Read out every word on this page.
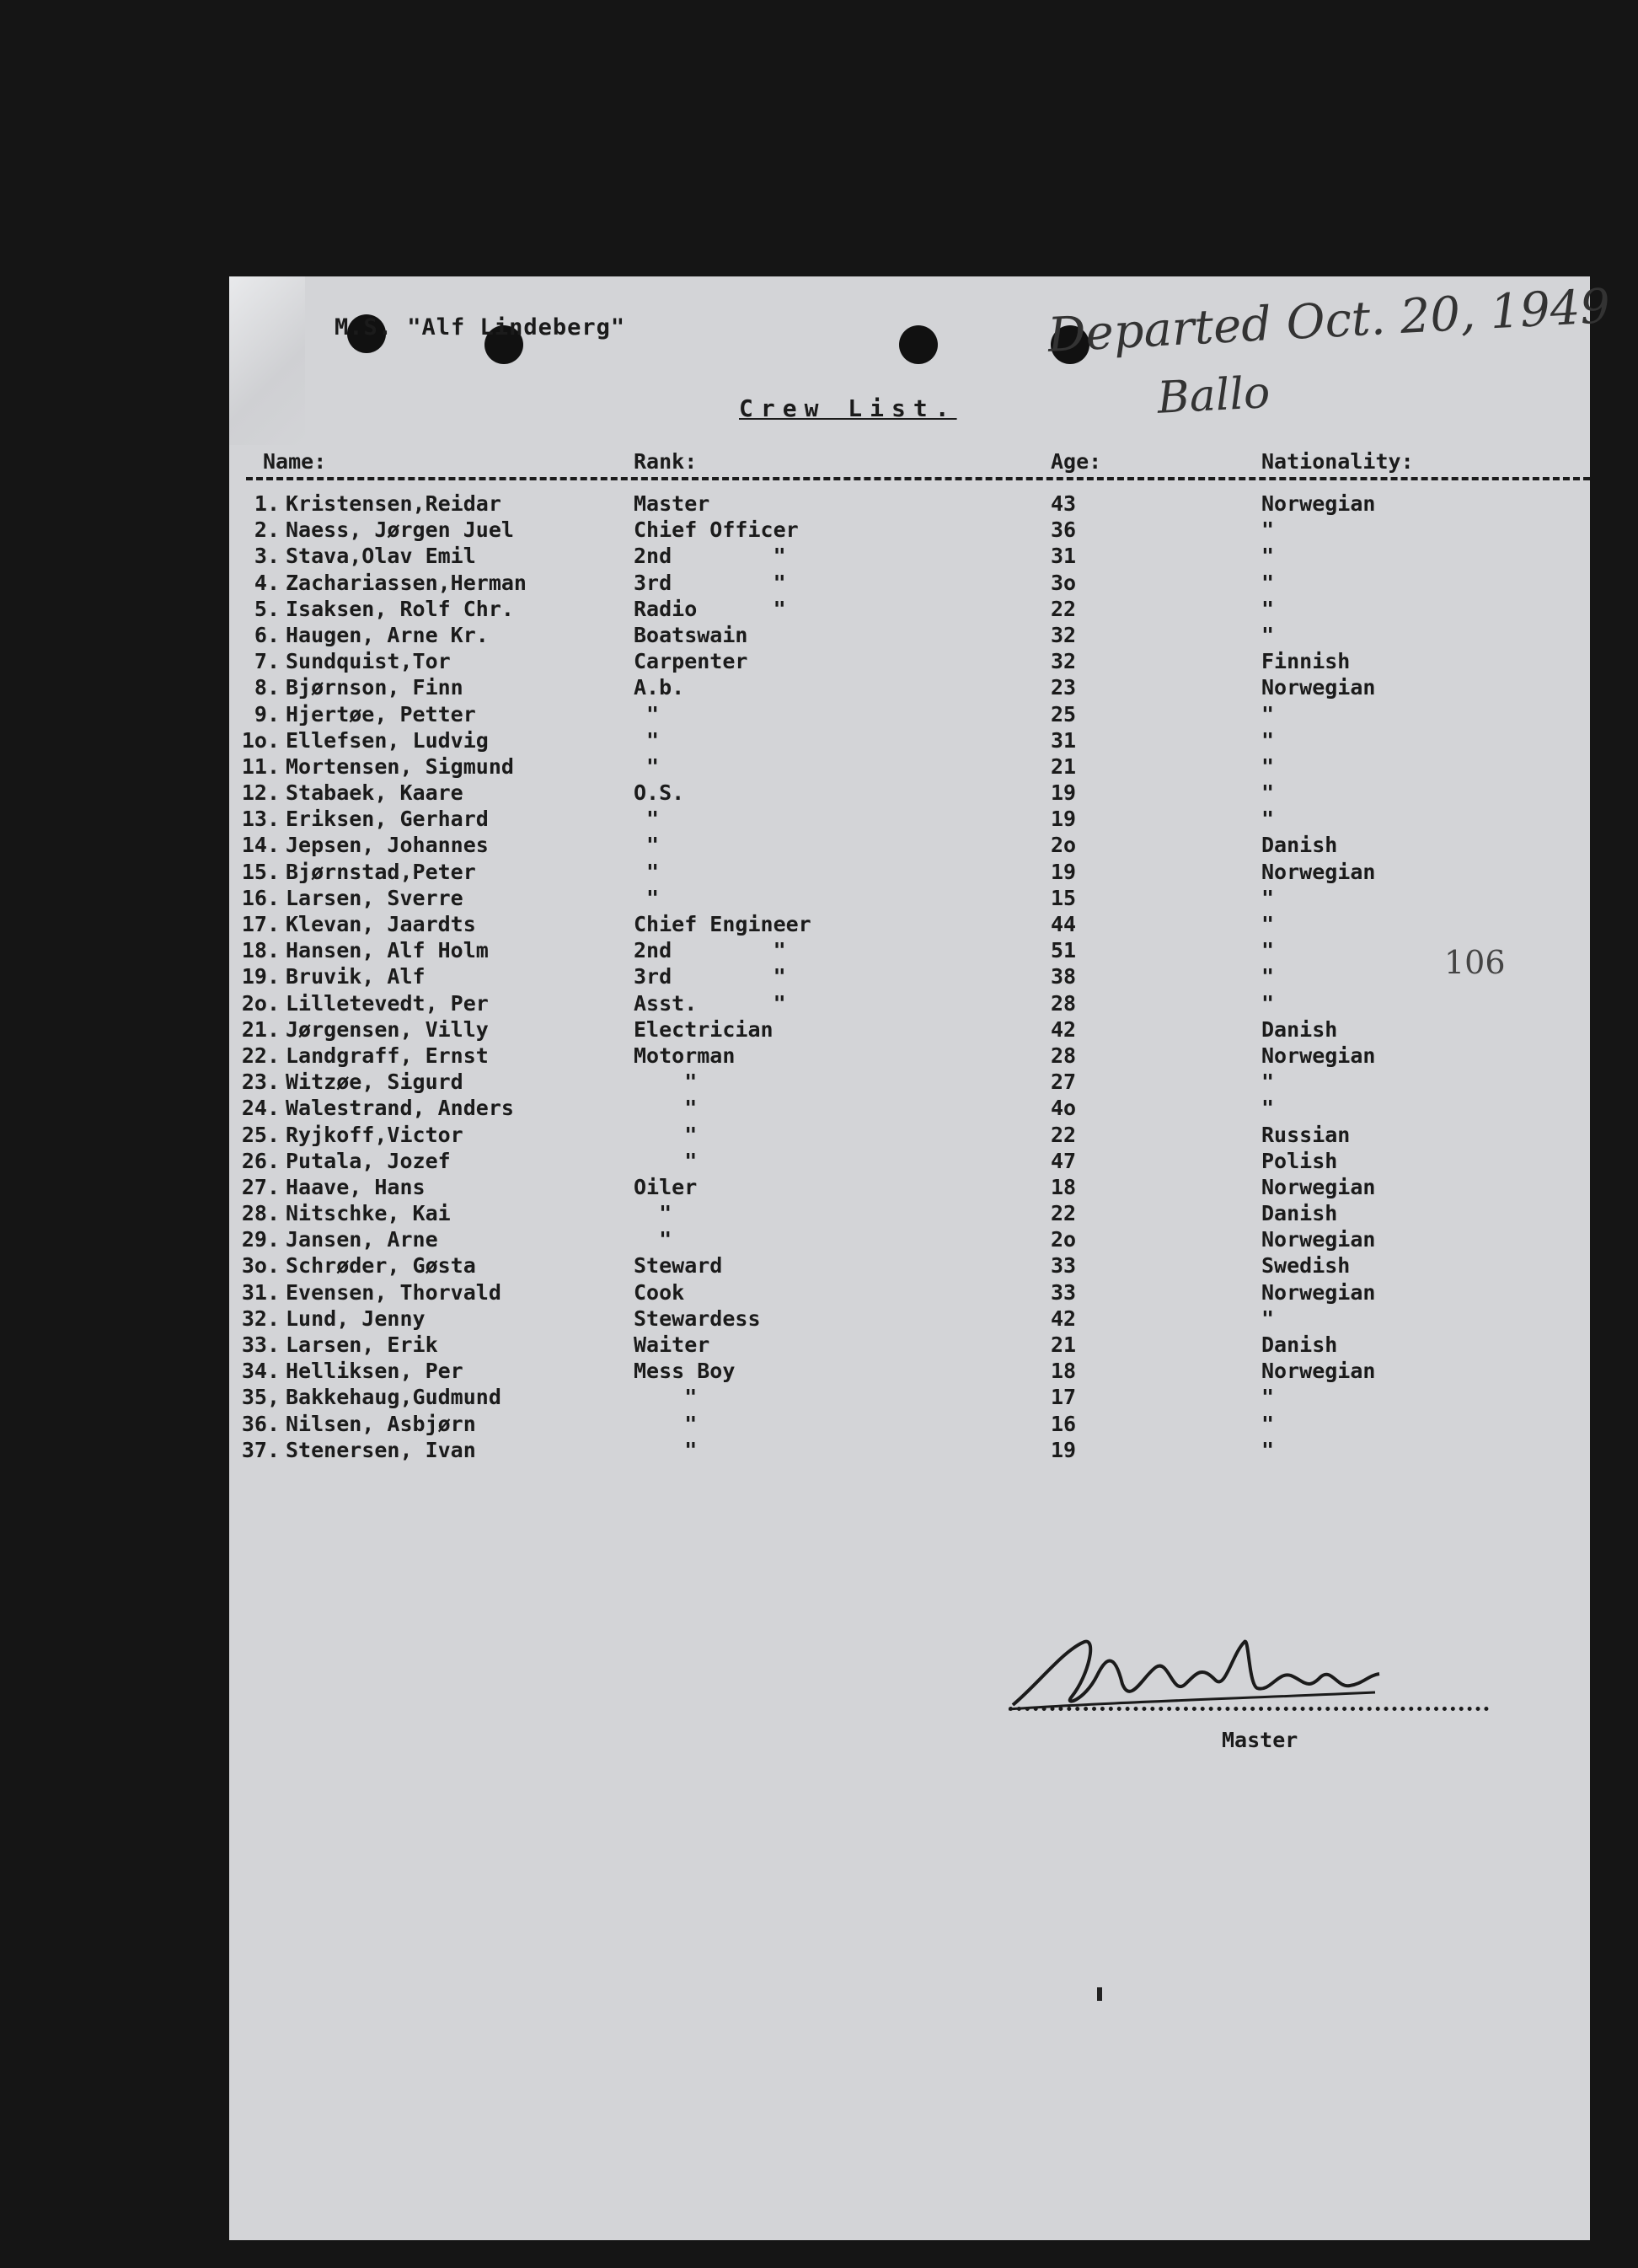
M.S. "Alf Lindeberg"	Departed Oct. 20, 1949
Ballo
Crew List.
Name:	Rank:	Age:	Nationality:
1. Kristensen,Reidar	Master	43	Norwegian
2. Naess, Jørgen Juel	Chief Officer	36	"
3. Stava,Olav Emil	2nd        "	31	"
4. Zachariassen,Herman	3rd        "	3o	"
5. Isaksen, Rolf Chr.	Radio      "	22	"
6. Haugen, Arne Kr.	Boatswain	32	"
7. Sundquist,Tor	Carpenter	32	Finnish
8. Bjørnson, Finn	A.b.	23	Norwegian
9. Hjertøe, Petter	"	25	"
1o. Ellefsen, Ludvig	"	31	"
11. Mortensen, Sigmund	"	21	"
12. Stabaek, Kaare	O.S.	19	"
13. Eriksen, Gerhard	"	19	"
14. Jepsen, Johannes	"	2o	Danish
15. Bjørnstad,Peter	"	19	Norwegian
16. Larsen, Sverre	"	15	"
17. Klevan, Jaardts	Chief Engineer	44	"
18. Hansen, Alf Holm	2nd        "	51	"
19. Bruvik, Alf	3rd        "	38	"
2o. Lilletevedt, Per	Asst.      "	28	"
21. Jørgensen, Villy	Electrician	42	Danish
22. Landgraff, Ernst	Motorman	28	Norwegian
23. Witzøe, Sigurd	"	27	"
24. Walestrand, Anders	"	4o	"
25. Ryjkoff,Victor	"	22	Russian
26. Putala, Jozef	"	47	Polish
27. Haave, Hans	Oiler	18	Norwegian
28. Nitschke, Kai	"	22	Danish
29. Jansen, Arne	"	2o	Norwegian
3o. Schrøder, Gøsta	Steward	33	Swedish
31. Evensen, Thorvald	Cook	33	Norwegian
32. Lund, Jenny	Stewardess	42	"
33. Larsen, Erik	Waiter	21	Danish
34. Helliksen, Per	Mess Boy	18	Norwegian
35, Bakkehaug,Gudmund	"	17	"
36. Nilsen, Asbjørn	"	16	"
37. Stenersen, Ivan	"	19	"
106
Master
